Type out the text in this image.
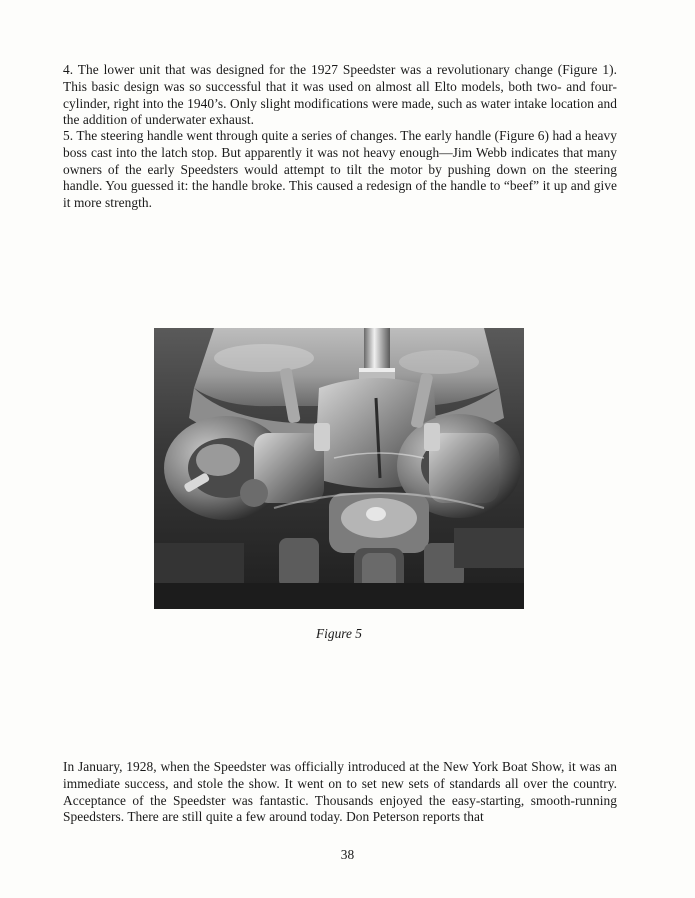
4. The lower unit that was designed for the 1927 Speedster was a revolutionary change (Figure 1). This basic design was so successful that it was used on almost all Elto models, both two- and four-cylinder, right into the 1940’s. Only slight modifications were made, such as water intake location and the addition of underwater exhaust.

5. The steering handle went through quite a series of changes. The early handle (Figure 6) had a heavy boss cast into the latch stop. But apparently it was not heavy enough—Jim Webb indicates that many owners of the early Speedsters would attempt to tilt the motor by pushing down on the steering handle. You guessed it: the handle broke. This caused a redesign of the handle to “beef” it up and give it more strength.

Figure 5

In January, 1928, when the Speedster was officially introduced at the New York Boat Show, it was an immediate success, and stole the show. It went on to set new sets of standards all over the country. Acceptance of the Speedster was fantastic. Thousands enjoyed the easy-starting, smooth-running Speedsters. There are still quite a few around today. Don Peterson reports that

38
